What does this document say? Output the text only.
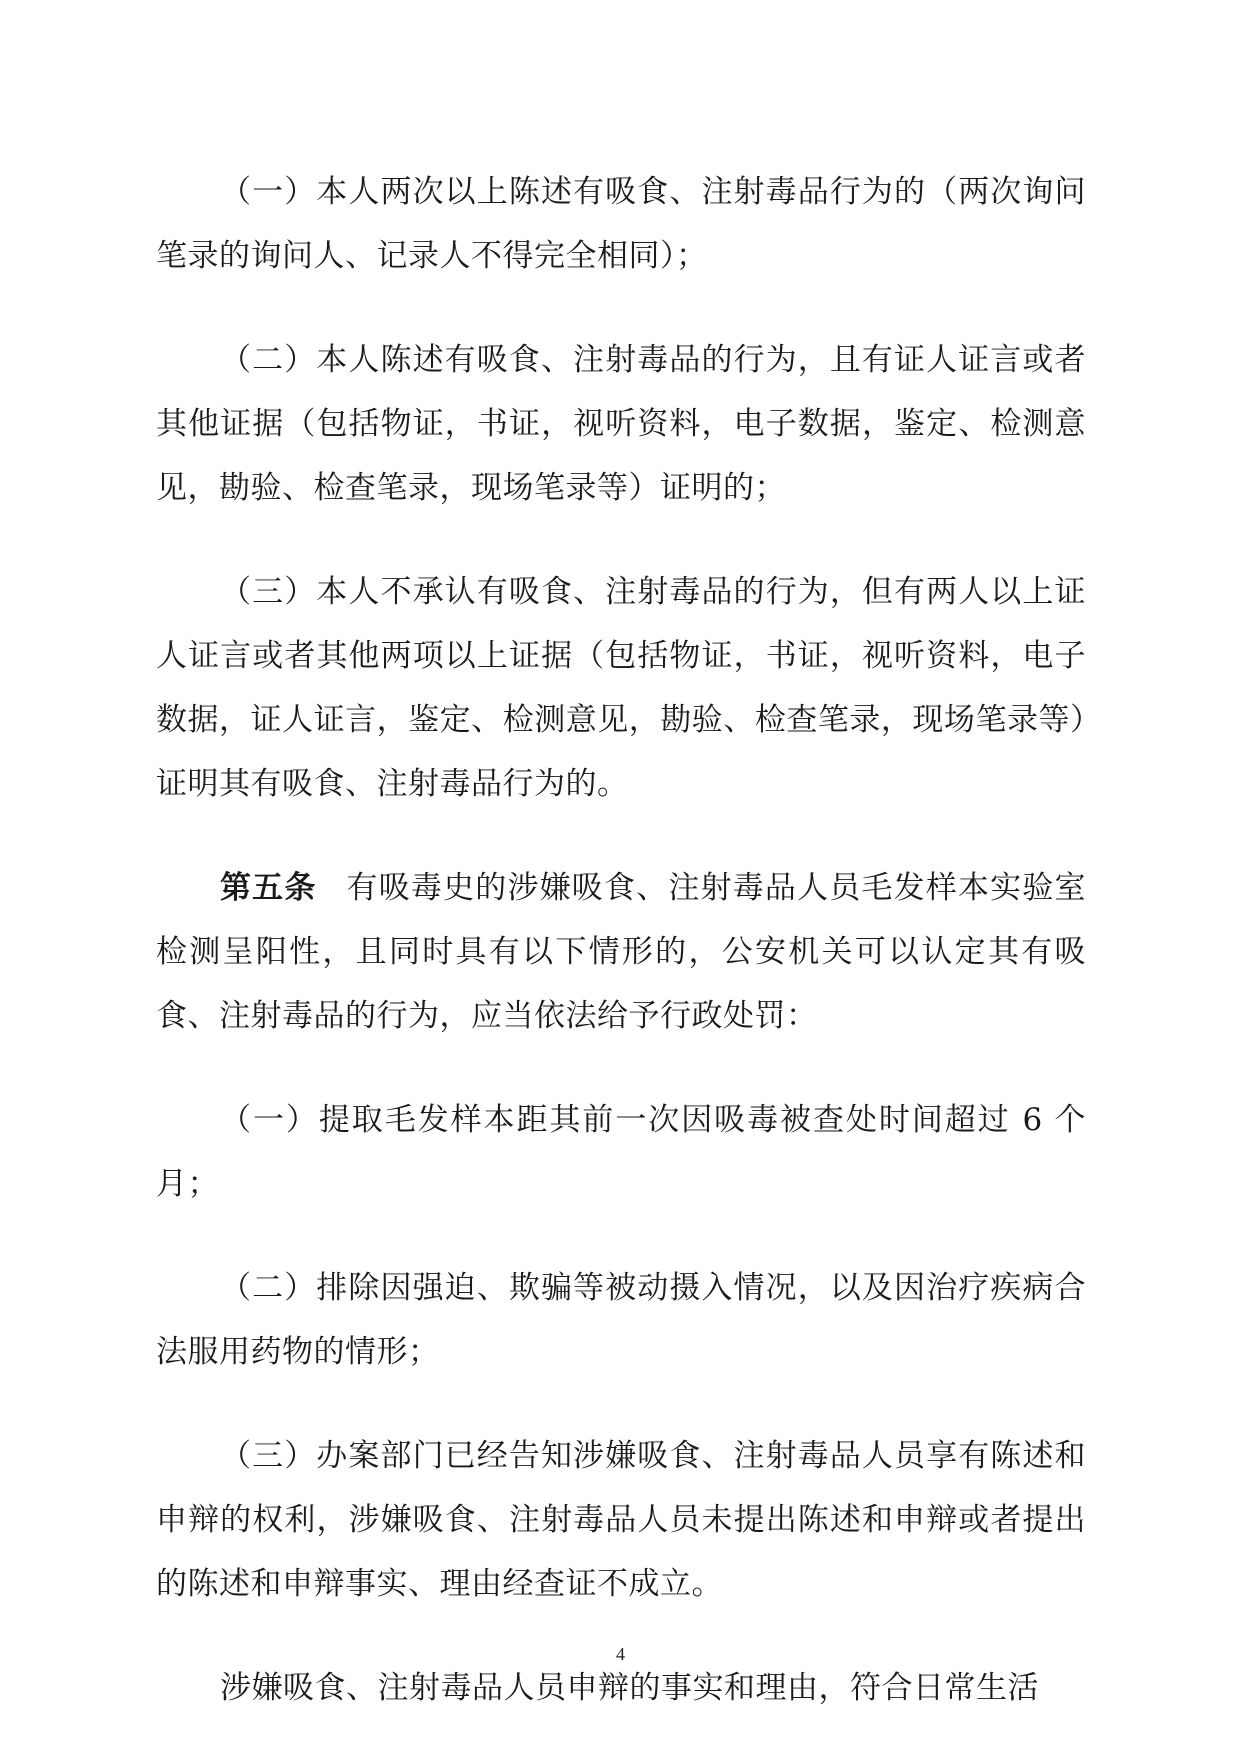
（一）本人两次以上陈述有吸食、注射毒品行为的（两次询问笔录的询问人、记录人不得完全相同）；

（二）本人陈述有吸食、注射毒品的行为，且有证人证言或者其他证据（包括物证，书证，视听资料，电子数据，鉴定、检测意见，勘验、检查笔录，现场笔录等）证明的；

（三）本人不承认有吸食、注射毒品的行为，但有两人以上证人证言或者其他两项以上证据（包括物证，书证，视听资料，电子数据，证人证言，鉴定、检测意见，勘验、检查笔录，现场笔录等）证明其有吸食、注射毒品行为的。

第五条 有吸毒史的涉嫌吸食、注射毒品人员毛发样本实验室检测呈阳性，且同时具有以下情形的，公安机关可以认定其有吸食、注射毒品的行为，应当依法给予行政处罚：

（一）提取毛发样本距其前一次因吸毒被查处时间超过 6 个月；

（二）排除因强迫、欺骗等被动摄入情况，以及因治疗疾病合法服用药物的情形；

（三）办案部门已经告知涉嫌吸食、注射毒品人员享有陈述和申辩的权利，涉嫌吸食、注射毒品人员未提出陈述和申辩或者提出的陈述和申辩事实、理由经查证不成立。

涉嫌吸食、注射毒品人员申辩的事实和理由，符合日常生活

4
